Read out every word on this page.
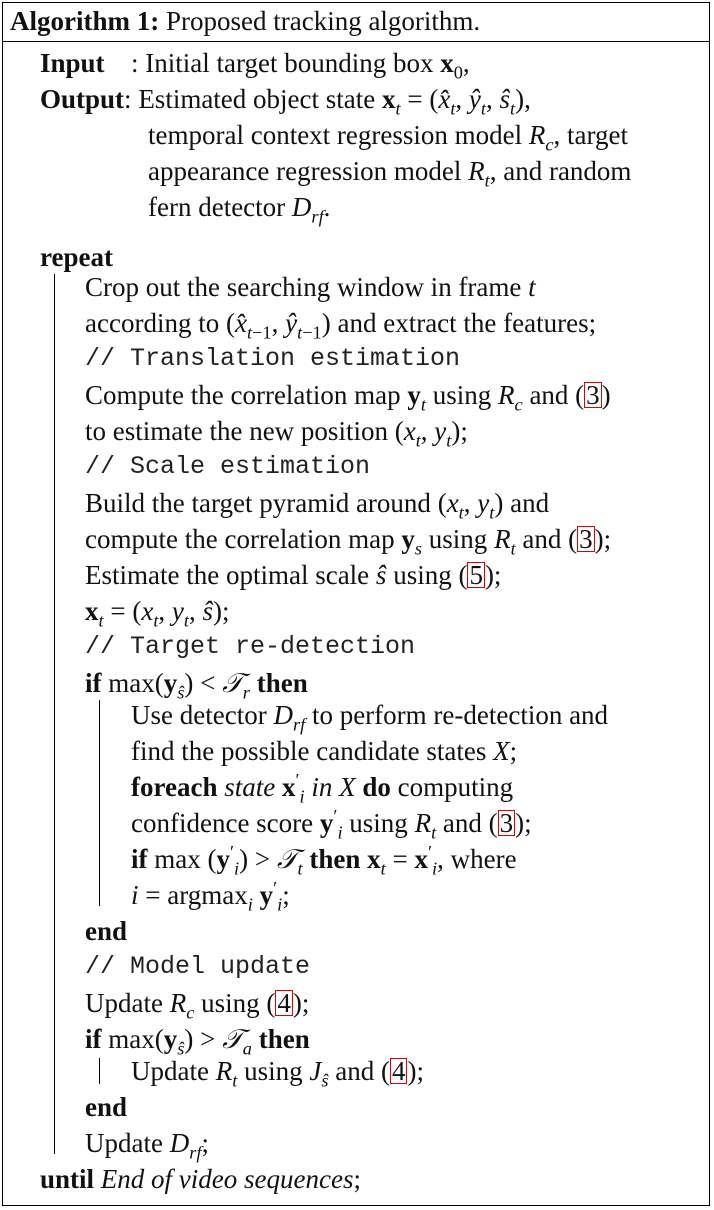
Algorithm 1: Proposed tracking algorithm.
Input : Initial target bounding box $x_0$,
Output: Estimated object state $x_t$ = ($x̂_t$, $ŷ_t$, $ŝ_t$),
temporal context regression model $R_c$, target
appearance regression model $R_t$, and random
fern detector $D_{rf}$.
repeat
Crop out the searching window in frame t
according to ($x̂_{t-1}$, $ŷ_{t-1}$) and extract the features;
// Translation estimation
Compute the correlation map $y_t$ using $R_c$ and (3)
to estimate the new position ($x_t$, $y_t$);
// Scale estimation
Build the target pyramid around ($x_t$, $y_t$) and
compute the correlation map $y_s$ using $R_t$ and (3);
Estimate the optimal scale ŝ using (5);
$x_t = (x_t$, $y_t$, ŝ);
// Target re-detection
if $\max(y_ŝ)$ < 𝒯$_r$ then
Use detector $D_{rf}$ to perform re-detection and
find the possible candidate states X;
foreach state $x'_i$ in X do computing
confidence score $y'_i$ using $R_t$ and (3);
if $\max (y'_i)$ > 𝒯$_t$ then $x_t = x'_i$, where
i = argmax$_i$ $y'_i$;
end
// Model update
Update $R_c$ using (4);
if $\max(y_ŝ)$ > 𝒯$_a$ then
Update $R_t$ using $J_ŝ$ and (4);
end
Update $D_{rf}$;
until End of video sequences;
